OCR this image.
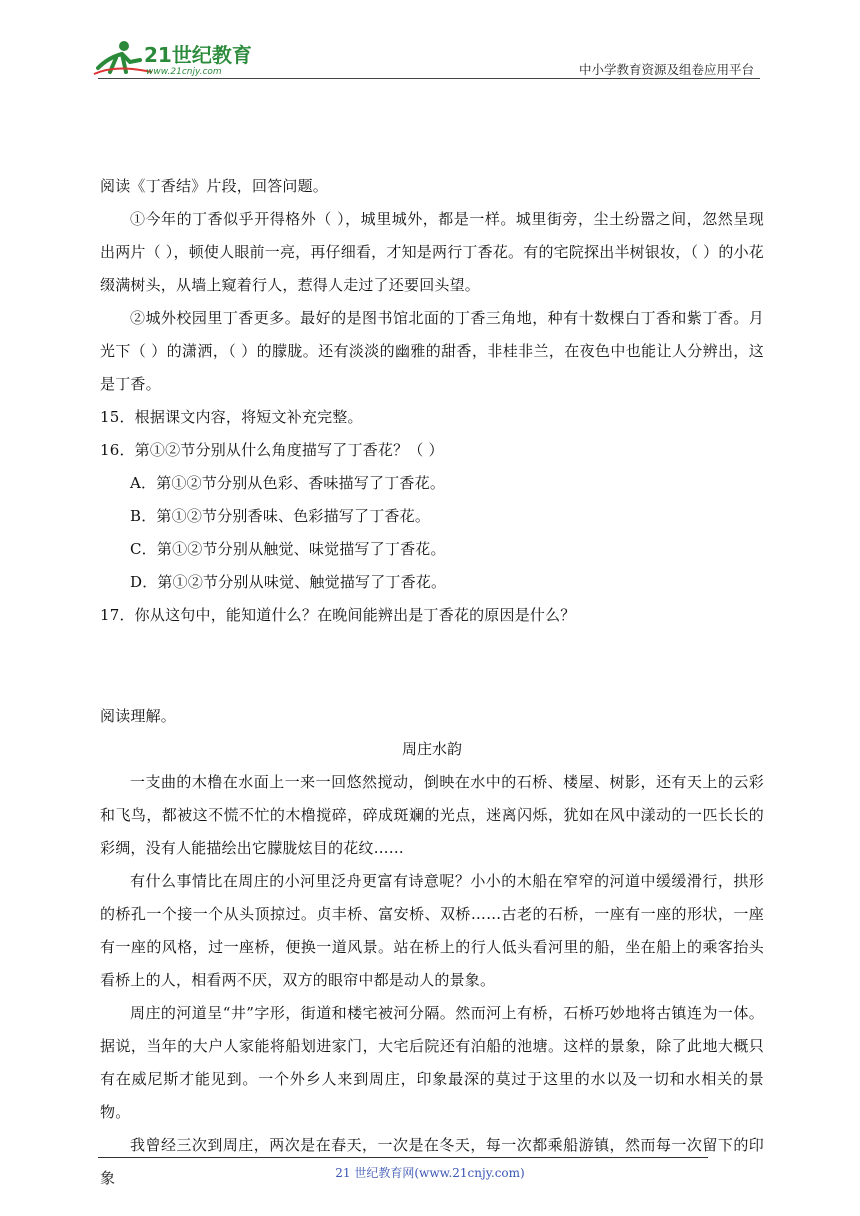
21世纪教育
www.21cnjy.com	中小学教育资源及组卷应用平台

阅读《丁香结》片段，回答问题。

①今年的丁香似乎开得格外（ ），城里城外，都是一样。城里街旁，尘土纷嚣之间，忽然呈现出两片（ ），顿使人眼前一亮，再仔细看，才知是两行丁香花。有的宅院探出半树银妆，（ ）的小花缀满树头，从墙上窥着行人，惹得人走过了还要回头望。

②城外校园里丁香更多。最好的是图书馆北面的丁香三角地，种有十数棵白丁香和紫丁香。月光下（ ）的潇洒，（ ）的朦胧。还有淡淡的幽雅的甜香，非桂非兰，在夜色中也能让人分辨出，这是丁香。

15．根据课文内容，将短文补充完整。

16．第①②节分别从什么角度描写了丁香花？（ ）

A．第①②节分别从色彩、香味描写了丁香花。

B．第①②节分别香味、色彩描写了丁香花。

C．第①②节分别从触觉、味觉描写了丁香花。

D．第①②节分别从味觉、触觉描写了丁香花。

17．你从这句中，能知道什么？在晚间能辨出是丁香花的原因是什么？

阅读理解。

周庄水韵

一支曲的木橹在水面上一来一回悠然搅动，倒映在水中的石桥、楼屋、树影，还有天上的云彩和飞鸟，都被这不慌不忙的木橹搅碎，碎成斑斓的光点，迷离闪烁，犹如在风中漾动的一匹长长的彩绸，没有人能描绘出它朦胧炫目的花纹……

有什么事情比在周庄的小河里泛舟更富有诗意呢？小小的木船在窄窄的河道中缓缓滑行，拱形的桥孔一个接一个从头顶掠过。贞丰桥、富安桥、双桥……古老的石桥，一座有一座的形状，一座有一座的风格，过一座桥，便换一道风景。站在桥上的行人低头看河里的船，坐在船上的乘客抬头看桥上的人，相看两不厌，双方的眼帘中都是动人的景象。

周庄的河道呈“井”字形，街道和楼宅被河分隔。然而河上有桥，石桥巧妙地将古镇连为一体。据说，当年的大户人家能将船划进家门，大宅后院还有泊船的池塘。这样的景象，除了此地大概只有在威尼斯才能见到。一个外乡人来到周庄，印象最深的莫过于这里的水以及一切和水相关的景物。

我曾经三次到周庄，两次是在春天，一次是在冬天，每一次都乘船游镇，然而每一次留下的印象	21 世纪教育网(www.21cnjy.com)
